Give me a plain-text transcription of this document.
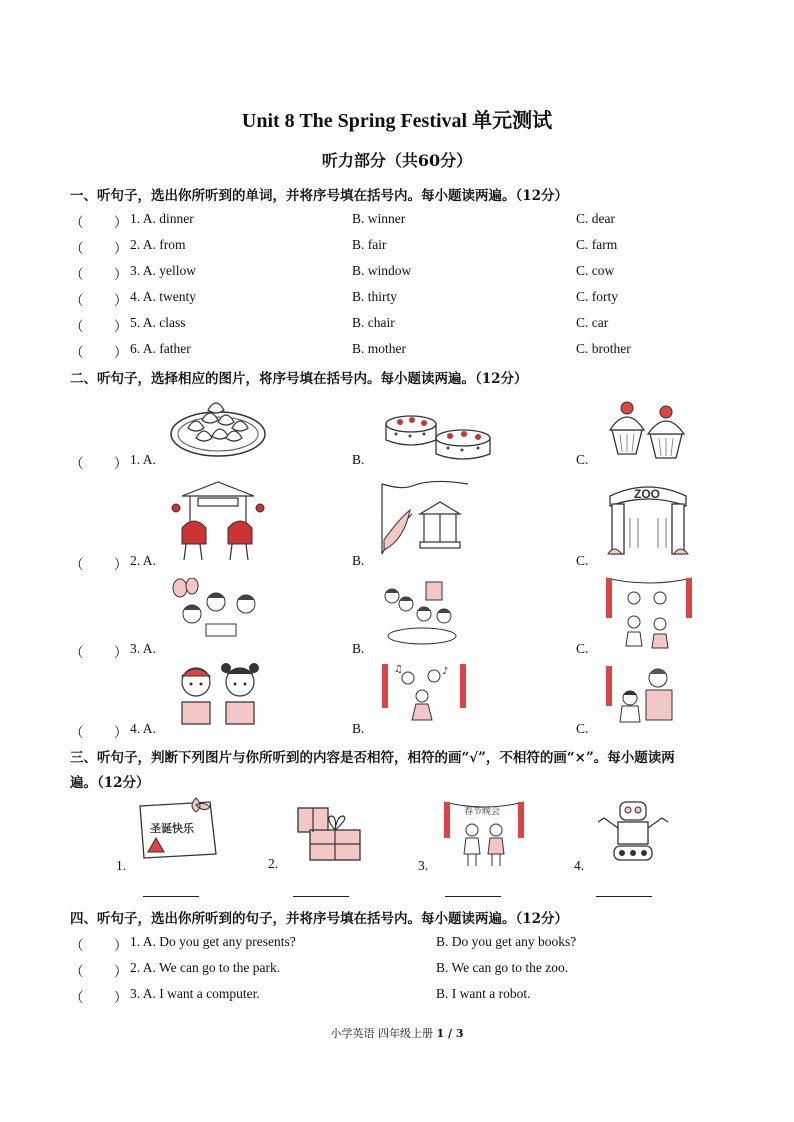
Unit 8 The Spring Festival 单元测试
听力部分（共60分）
一、听句子，选出你所听到的单词，并将序号填在括号内。每小题读两遍。（12分）
（ ） 1. A. dinner	B. winner	C. dear
（ ） 2. A. from	B. fair	C. farm
（ ） 3. A. yellow	B. window	C. cow
（ ） 4. A. twenty	B. thirty	C. forty
（ ） 5. A. class	B. chair	C. car
（ ） 6. A. father	B. mother	C. brother
二、听句子，选择相应的图片，将序号填在括号内。每小题读两遍。（12分）
（ ） 1. A.	B.	C.
ZOO
（ ） 2. A.	B.	C.
（ ） 3. A.	B.	C.
♪
♫
（ ） 4. A.	B.	C.
三、听句子，判断下列图片与你所听到的内容是否相符，相符的画“√”，不相符的画“×”。每小题读两
遍。（12分）
圣诞快乐
春节晚会
1.	2.	3.	4.
四、听句子，选出你所听到的句子，并将序号填在括号内。每小题读两遍。（12分）
（ ） 1. A. Do you get any presents?	B. Do you get any books?
（ ） 2. A. We can go to the park.	B. We can go to the zoo.
（ ） 3. A. I want a computer.	B. I want a robot.
小学英语 四年级上册 1 / 3
